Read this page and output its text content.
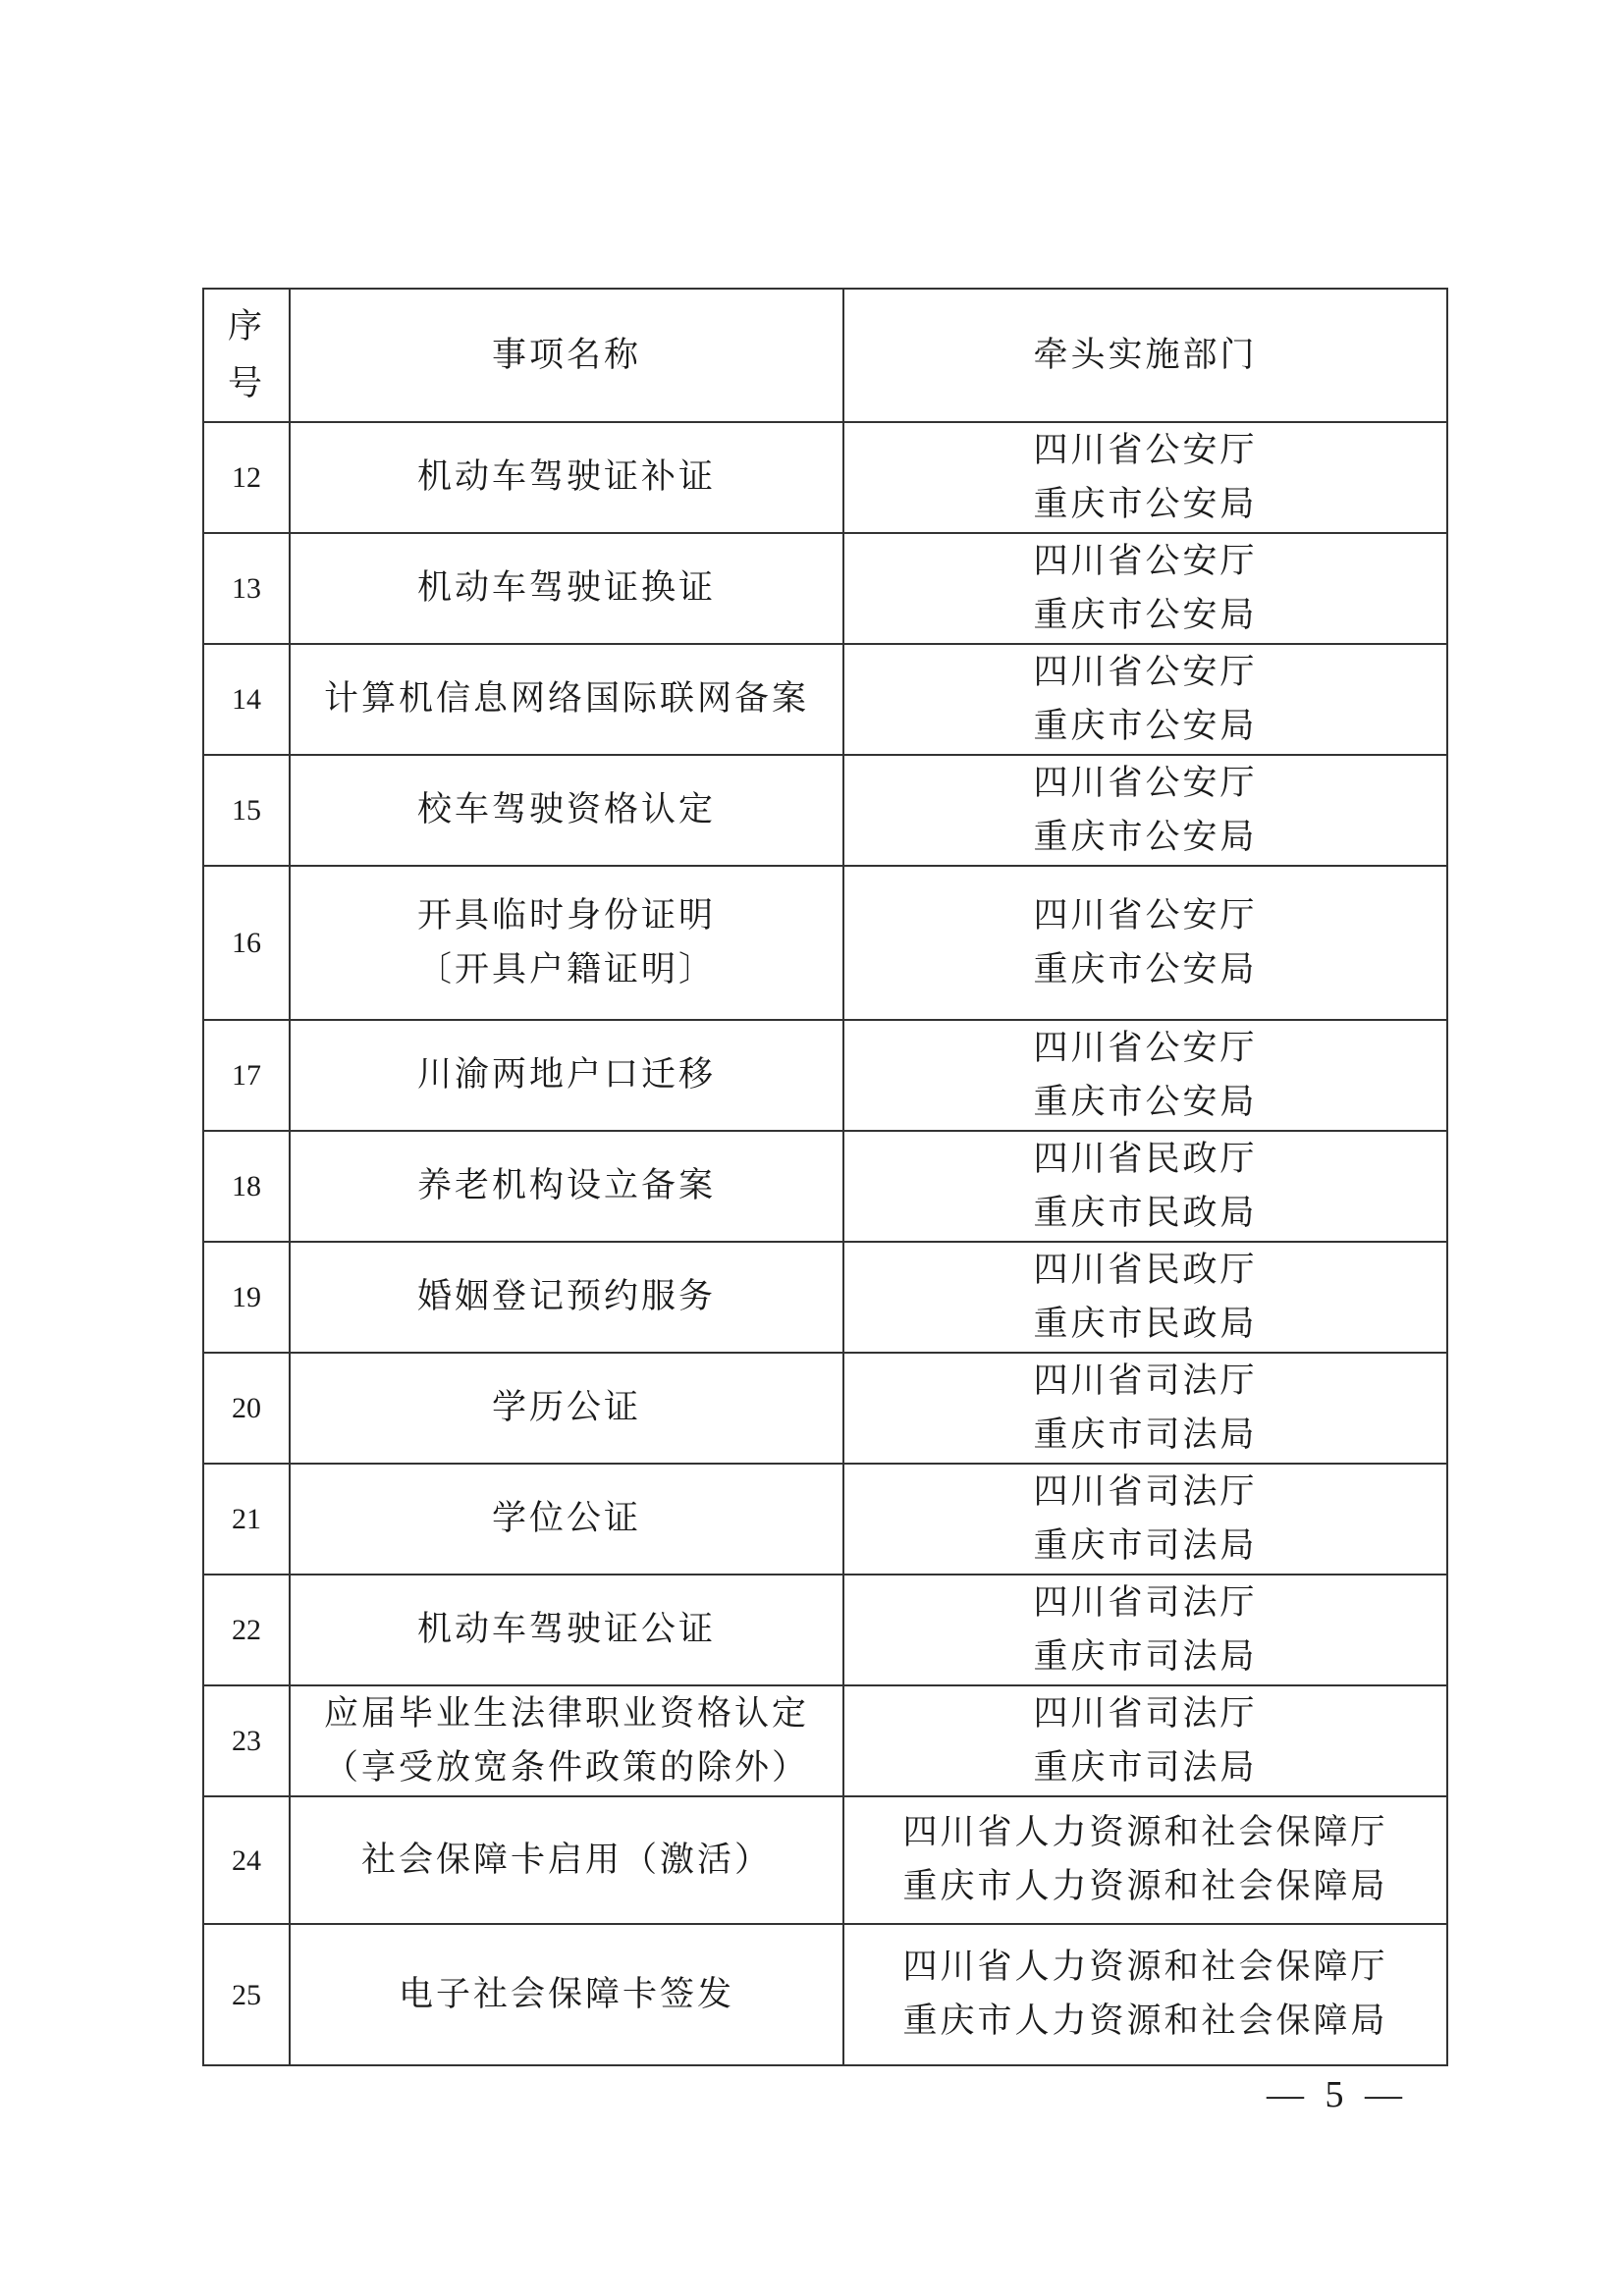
序
号	事项名称	牵头实施部门
12	机动车驾驶证补证	四川省公安厅
重庆市公安局

13	机动车驾驶证换证	四川省公安厅
重庆市公安局

14	计算机信息网络国际联网备案	四川省公安厅
重庆市公安局

15	校车驾驶资格认定	四川省公安厅
重庆市公安局

16	开具临时身份证明
〔开具户籍证明〕	四川省公安厅
重庆市公安局

17	川渝两地户口迁移	四川省公安厅
重庆市公安局

18	养老机构设立备案	四川省民政厅
重庆市民政局

19	婚姻登记预约服务	四川省民政厅
重庆市民政局

20	学历公证	四川省司法厅
重庆市司法局

21	学位公证	四川省司法厅
重庆市司法局

22	机动车驾驶证公证	四川省司法厅
重庆市司法局

23	应届毕业生法律职业资格认定
（享受放宽条件政策的除外）	四川省司法厅
重庆市司法局

24	社会保障卡启用（激活）	四川省人力资源和社会保障厅
重庆市人力资源和社会保障局

25	电子社会保障卡签发	四川省人力资源和社会保障厅
重庆市人力资源和社会保障局
— 5 —
